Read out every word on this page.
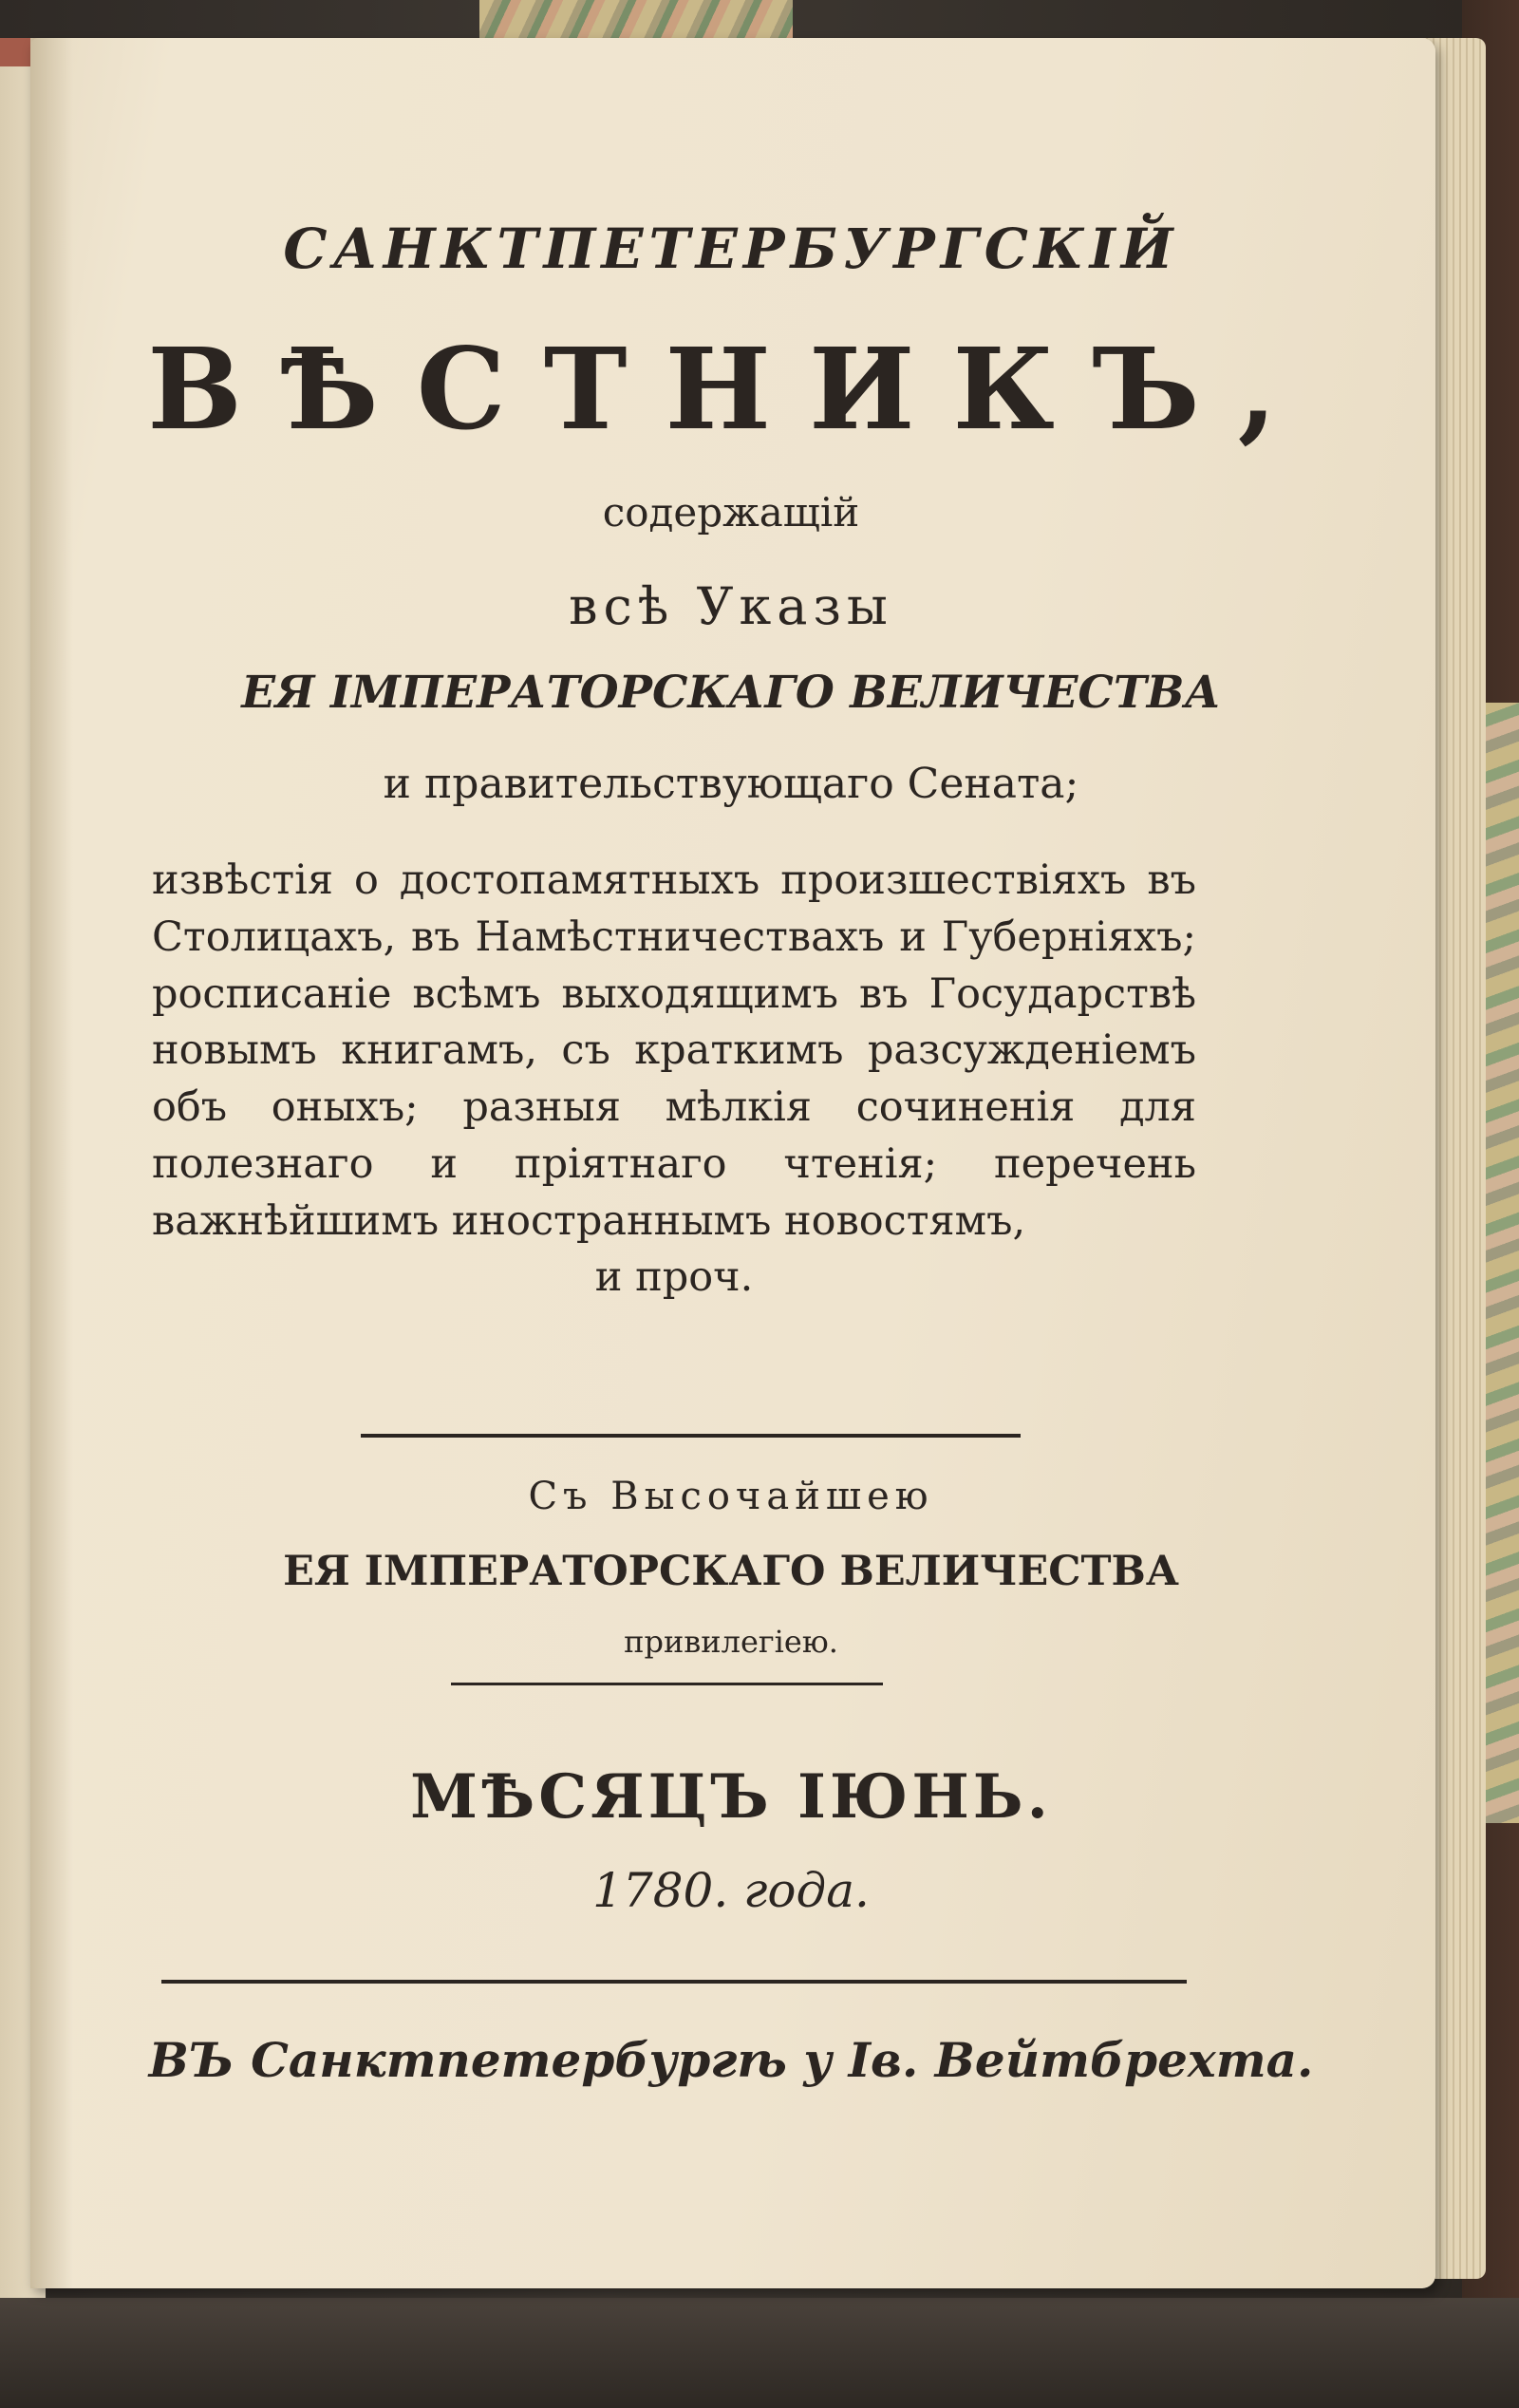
САНКТПЕТЕРБУРГСКІЙ
ВѢСТНИКЪ,
содержащій
всѣ Указы
ЕЯ ІМПЕРАТОРСКАГО ВЕЛИЧЕСТВА
и правительствующаго Сената;
извѣстія о достопамятныхъ произшествіяхъ въ Столицахъ, въ Намѣстничествахъ и Губерніяхъ; росписаніе всѣмъ выходящимъ въ Государствѣ новымъ книгамъ, съ краткимъ разсужденіемъ объ оныхъ; разныя мѣлкія сочиненія для полезнаго и пріятнаго чтенія; перечень важнѣйшимъ иностраннымъ новостямъ,
и проч.
Съ Высочайшею
ЕЯ ІМПЕРАТОРСКАГО ВЕЛИЧЕСТВА
привилегіею.
МѢСЯЦЪ ІЮНЬ.
1780. года.
ВЪ Санктпетербургѣ у Ів. Вейтбрехта.
